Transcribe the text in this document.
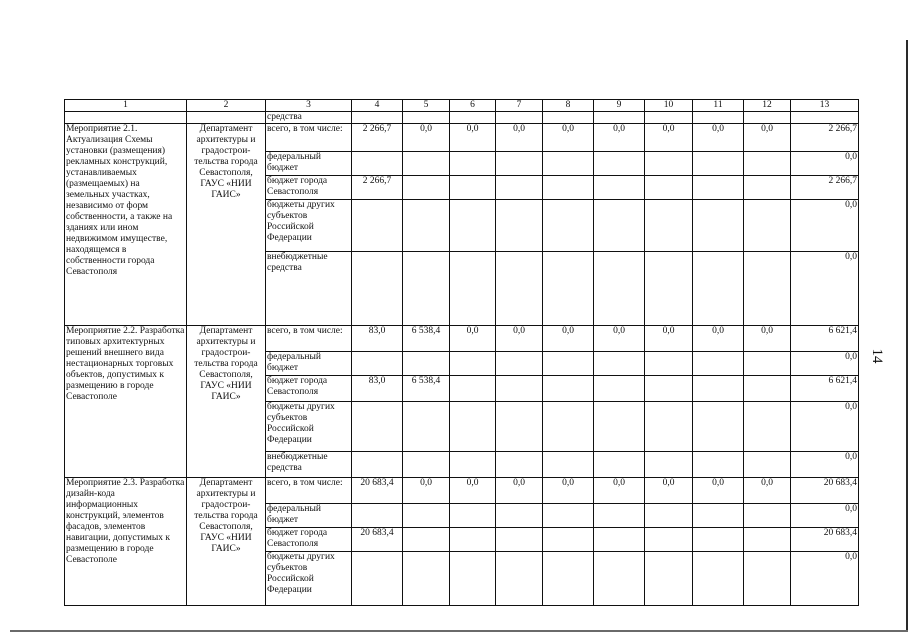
14
1	2	3	4	5	6	7	8	9	10	11	12	13
		средства										
Мероприятие 2.1. Актуализация Схемы установки (размещения) рекламных конструкций, устанавливаемых (размещаемых) на земельных участках, независимо от форм собственности, а также на зданиях или ином недвижимом имуществе, находящемся в собственности города Севастополя	Департамент архитектуры и градострои-тельства города Севастополя, ГАУС «НИИ ГАИС»	всего, в том числе:	2 266,7	0,0	0,0	0,0	0,0	0,0	0,0	0,0	0,0	2 266,7
		федеральный бюджет										0,0
		бюджет города Севастополя	2 266,7									2 266,7
		бюджеты других субъектов Российской Федерации										0,0
		внебюджетные средства										0,0
Мероприятие 2.2. Разработка типовых архитектурных решений внешнего вида нестационарных торговых объектов, допустимых к размещению в городе Севастополе	Департамент архитектуры и градострои-тельства города Севастополя, ГАУС «НИИ ГАИС»	всего, в том числе:	83,0	6 538,4	0,0	0,0	0,0	0,0	0,0	0,0	0,0	6 621,4
		федеральный бюджет										0,0
		бюджет города Севастополя	83,0	6 538,4								6 621,4
		бюджеты других субъектов Российской Федерации										0,0
		внебюджетные средства										0,0
Мероприятие 2.3. Разработка дизайн-кода информационных конструкций, элементов фасадов, элементов навигации, допустимых к размещению в городе Севастополе	Департамент архитектуры и градострои-тельства города Севастополя, ГАУС «НИИ ГАИС»	всего, в том числе:	20 683,4	0,0	0,0	0,0	0,0	0,0	0,0	0,0	0,0	20 683,4
		федеральный бюджет										0,0
		бюджет города Севастополя	20 683,4									20 683,4
		бюджеты других субъектов Российской Федерации										0,0
